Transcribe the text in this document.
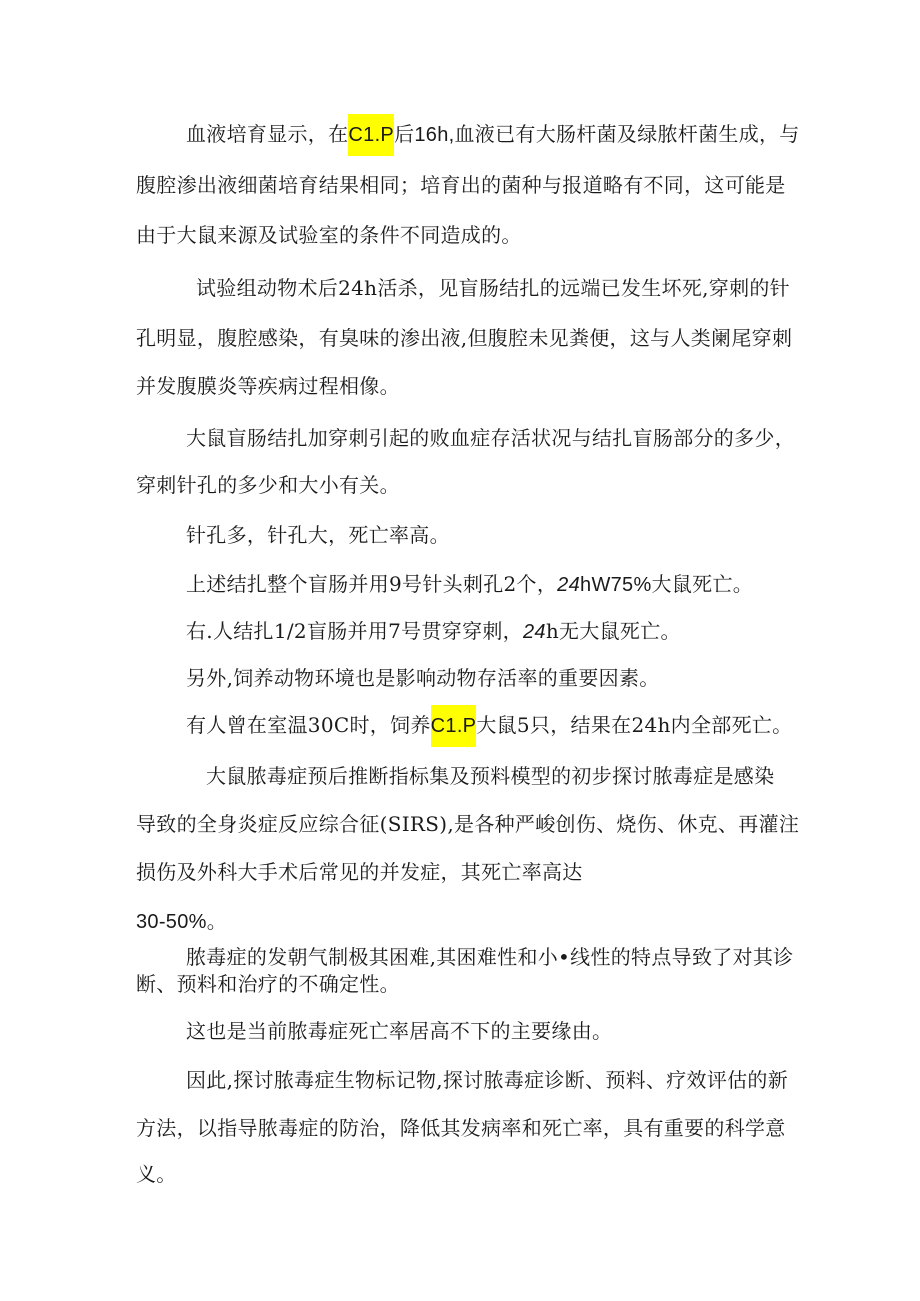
血液培育显示，在C1.P后16h,血液已有大肠杆菌及绿脓杆菌生成，与
腹腔渗出液细菌培育结果相同；培育出的菌种与报道略有不同，这可能是
由于大鼠来源及试验室的条件不同造成的。
试验组动物术后24h活杀，见盲肠结扎的远端已发生坏死,穿刺的针
孔明显，腹腔感染，有臭味的渗出液,但腹腔未见粪便，这与人类阑尾穿刺
并发腹膜炎等疾病过程相像。
大鼠盲肠结扎加穿刺引起的败血症存活状况与结扎盲肠部分的多少，
穿刺针孔的多少和大小有关。
针孔多，针孔大，死亡率高。
上述结扎整个盲肠并用9号针头刺孔2个，24hW75%大鼠死亡。
右.人结扎1/2盲肠并用7号贯穿穿刺，24h无大鼠死亡。
另外,饲养动物环境也是影响动物存活率的重要因素。
有人曾在室温30C时，饲养C1.P大鼠5只，结果在24h内全部死亡。
大鼠脓毒症预后推断指标集及预料模型的初步探讨脓毒症是感染
导致的全身炎症反应综合征(SIRS),是各种严峻创伤、烧伤、休克、再灌注
损伤及外科大手术后常见的并发症，其死亡率高达
30-50%。
脓毒症的发朝气制极其困难,其困难性和小•线性的特点导致了对其诊
断、预料和治疗的不确定性。
这也是当前脓毒症死亡率居高不下的主要缘由。
因此,探讨脓毒症生物标记物,探讨脓毒症诊断、预料、疗效评估的新
方法，以指导脓毒症的防治，降低其发病率和死亡率，具有重要的科学意
义。
